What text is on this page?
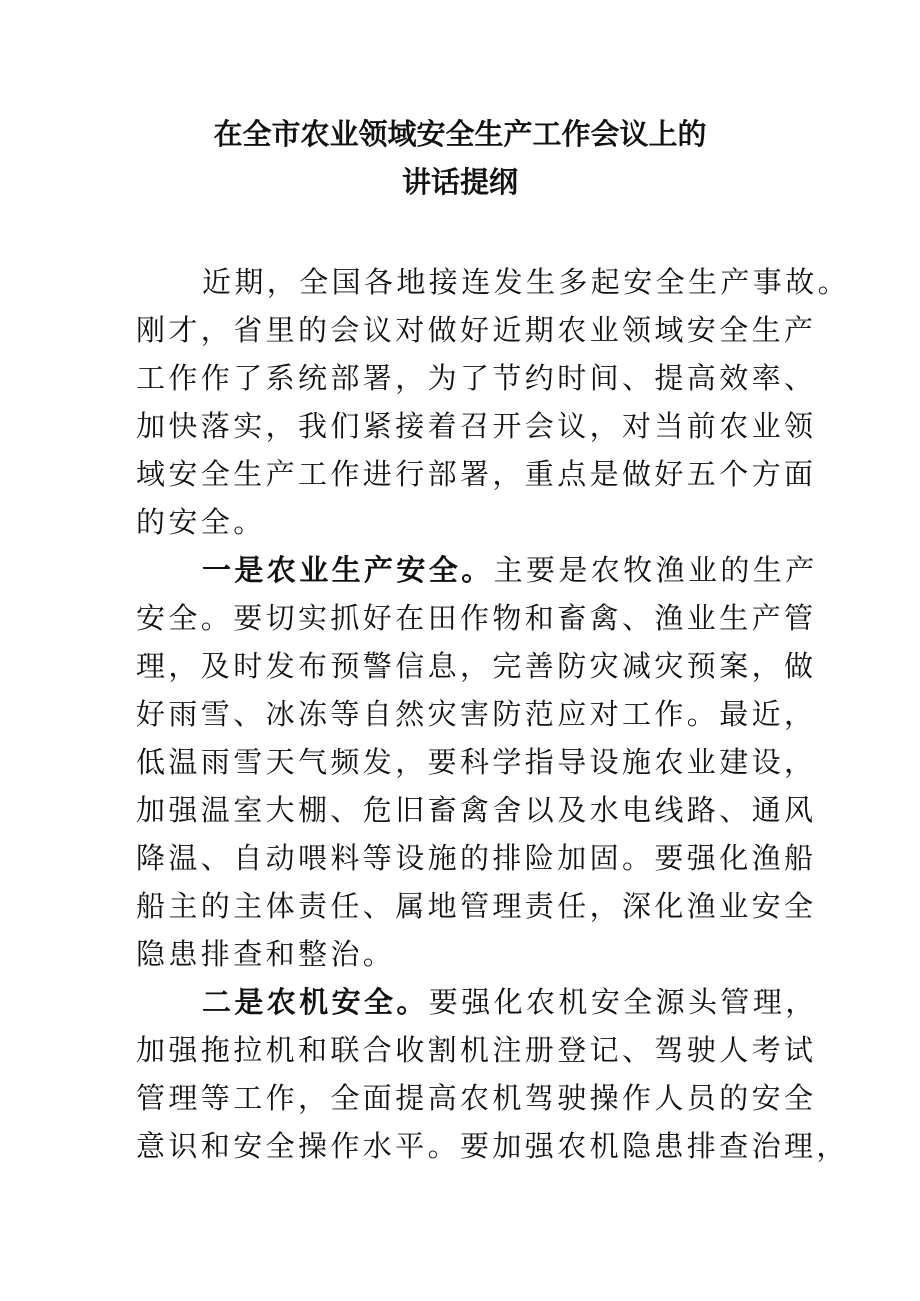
在全市农业领域安全生产工作会议上的
讲话提纲
近期，全国各地接连发生多起安全生产事故。
刚才，省里的会议对做好近期农业领域安全生产
工作作了系统部署，为了节约时间、提高效率、
加快落实，我们紧接着召开会议，对当前农业领
域安全生产工作进行部署，重点是做好五个方面
的安全。
一是农业生产安全。主要是农牧渔业的生产
安全。要切实抓好在田作物和畜禽、渔业生产管
理，及时发布预警信息，完善防灾减灾预案，做
好雨雪、冰冻等自然灾害防范应对工作。最近，
低温雨雪天气频发，要科学指导设施农业建设，
加强温室大棚、危旧畜禽舍以及水电线路、通风
降温、自动喂料等设施的排险加固。要强化渔船
船主的主体责任、属地管理责任，深化渔业安全
隐患排查和整治。
二是农机安全。要强化农机安全源头管理，
加强拖拉机和联合收割机注册登记、驾驶人考试
管理等工作，全面提高农机驾驶操作人员的安全
意识和安全操作水平。要加强农机隐患排查治理，
